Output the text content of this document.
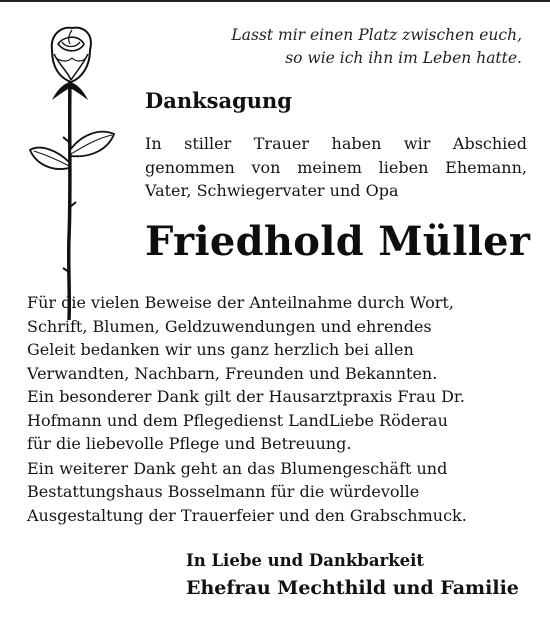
Lasst mir einen Platz zwischen euch,
so wie ich ihn im Leben hatte.
Danksagung
In stiller Trauer haben wir Abschied
genommen von meinem lieben Ehemann,
Vater, Schwiegervater und Opa
Friedhold Müller
Für die vielen Beweise der Anteilnahme durch Wort,
Schrift, Blumen, Geldzuwendungen und ehrendes
Geleit bedanken wir uns ganz herzlich bei allen
Verwandten, Nachbarn, Freunden und Bekannten.
Ein besonderer Dank gilt der Hausarztpraxis Frau Dr.
Hofmann und dem Pflegedienst LandLiebe Röderau
für die liebevolle Pflege und Betreuung.
Ein weiterer Dank geht an das Blumengeschäft und
Bestattungshaus Bosselmann für die würdevolle
Ausgestaltung der Trauerfeier und den Grabschmuck.
In Liebe und Dankbarkeit
Ehefrau Mechthild und Familie
